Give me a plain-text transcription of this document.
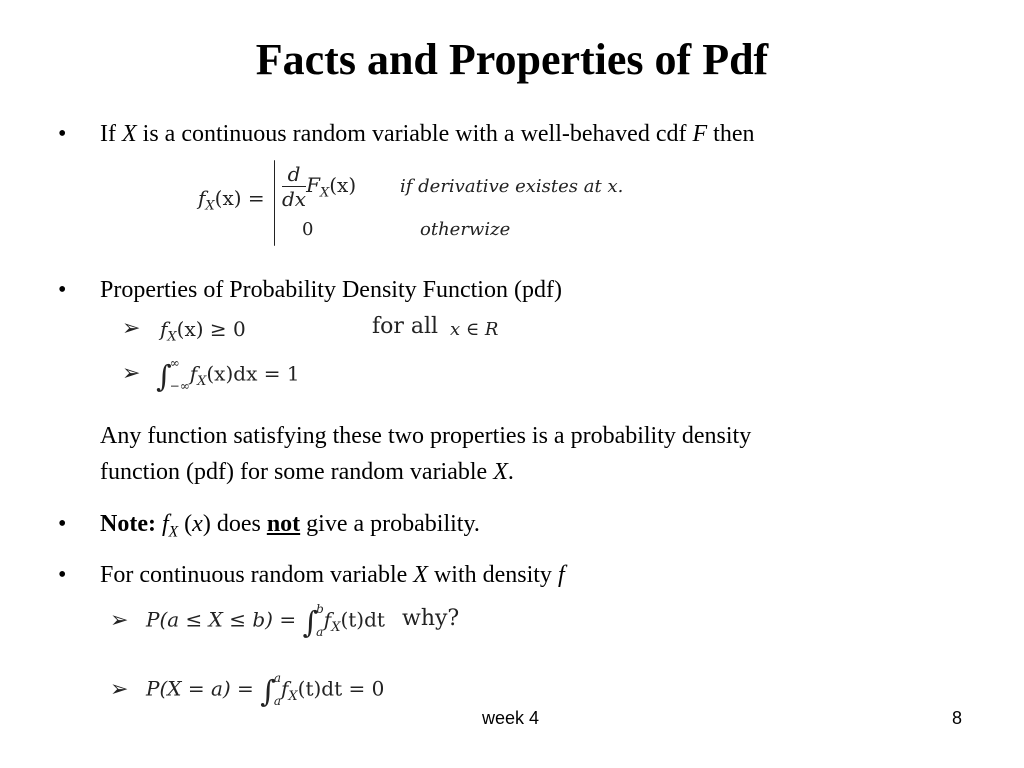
Facts and Properties of Pdf
• If X is a continuous random variable with a well-behaved cdf F then
$f_X(x) = \frac{d}{dx} F_X(x)$ if derivative existes at x.
0	otherwize
• Properties of Probability Density Function (pdf)
➢ $f_X(x) \ge 0$	for all x ∈ R
➢ ∫
∞
−∞
$f_X(x)dx = 1$
Any function satisfying these two properties is a probability density
function (pdf) for some random variable X.
• Note: $f_X$ (x) does not give a probability.
• For continuous random variable X with density f
➢ P(a ≤ X ≤ b) = ∫
b
a
$f_X(t)dt$ why?
➢ P(X = a) = ∫
a
a
$f_X(t)dt = 0$
week 4	8
